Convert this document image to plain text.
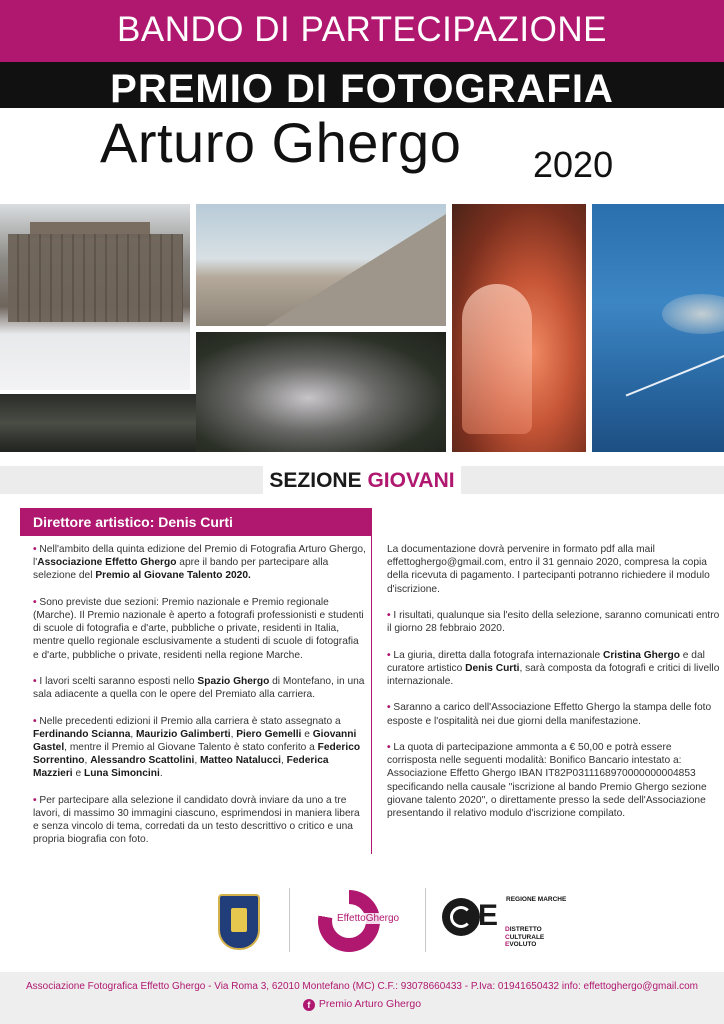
BANDO DI PARTECIPAZIONE
PREMIO DI FOTOGRAFIA
Arturo Ghergo 2020
SEZIONE GIOVANI
Direttore artistico: Denis Curti

• Nell'ambito della quinta edizione del Premio di Fotografia Arturo Ghergo, l'Associazione Effetto Ghergo apre il bando per partecipare alla selezione del Premio al Giovane Talento 2020.

• Sono previste due sezioni: Premio nazionale e Premio regionale (Marche). Il Premio nazionale è aperto a fotografi professionisti e studenti di scuole di fotografia e d'arte, pubbliche o private, residenti in Italia, mentre quello regionale esclusivamente a studenti di scuole di fotografia e d'arte, pubbliche o private, residenti nella regione Marche.

• I lavori scelti saranno esposti nello Spazio Ghergo di Montefano, in una sala adiacente a quella con le opere del Premiato alla carriera.

• Nelle precedenti edizioni il Premio alla carriera è stato assegnato a Ferdinando Scianna, Maurizio Galimberti, Piero Gemelli e Giovanni Gastel, mentre il Premio al Giovane Talento è stato conferito a Federico Sorrentino, Alessandro Scattolini, Matteo Natalucci, Federica Mazzieri e Luna Simoncini.

• Per partecipare alla selezione il candidato dovrà inviare da uno a tre lavori, di massimo 30 immagini ciascuno, esprimendosi in maniera libera e senza vincolo di tema, corredati da un testo descrittivo o critico e una propria biografia con foto.

La documentazione dovrà pervenire in formato pdf alla mail effettoghergo@gmail.com, entro il 31 gennaio 2020, compresa la copia della ricevuta di pagamento. I partecipanti potranno richiedere il modulo d'iscrizione.

• I risultati, qualunque sia l'esito della selezione, saranno comunicati entro il giorno 28 febbraio 2020.

• La giuria, diretta dalla fotografa internazionale Cristina Ghergo e dal curatore artistico Denis Curti, sarà composta da fotografi e critici di livello internazionale.

• Saranno a carico dell'Associazione Effetto Ghergo la stampa delle foto esposte e l'ospitalità nei due giorni della manifestazione.

• La quota di partecipazione ammonta a € 50,00 e potrà essere corrisposta nelle seguenti modalità: Bonifico Bancario intestato a: Associazione Effetto Ghergo IBAN IT82P0311168970000000004853 specificando nella causale "iscrizione al bando Premio Ghergo sezione giovane talento 2020", o direttamente presso la sede dell'Associazione presentando il relativo modulo d'iscrizione compilato.

EffettoGhergo	E REGIONE MARCHE
DISTRETTO
CULTURALE
EVOLUTO
Associazione Fotografica Effetto Ghergo - Via Roma 3, 62010 Montefano (MC) C.F.: 93078660433 - P.Iva: 01941650432 info: effettoghergo@gmail.com
f Premio Arturo Ghergo
